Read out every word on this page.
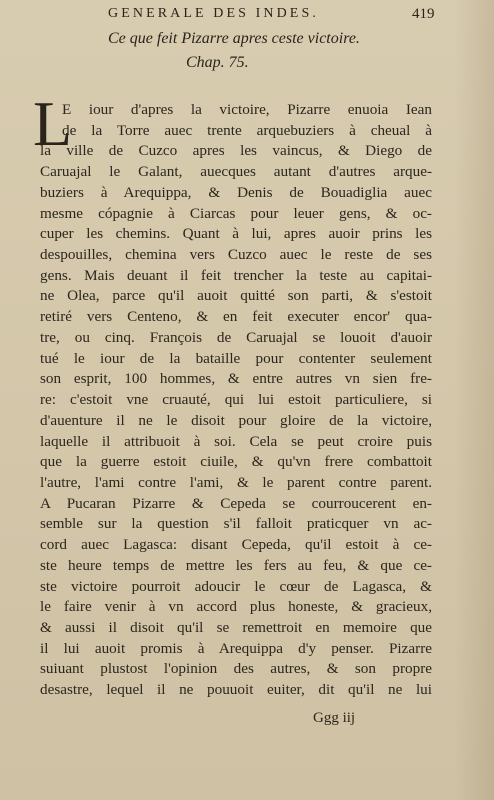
GENERALE DES INDES.	419
Ce que feit Pizarre apres ceste victoire.
Chap. 75.
L
E iour d'apres la victoire, Pizarre enuoia Iean
de la Torre auec trente arquebuziers à cheual à
la ville de Cuzco apres les vaincus, & Diego de
Caruajal le Galant, auecques autant d'autres arque-
buziers à Arequippa, & Denis de Bouadiglia auec
mesme cópagnie à Ciarcas pour leuer gens, & oc-
cuper les chemins. Quant à lui, apres auoir prins les
despouilles, chemina vers Cuzco auec le reste de ses
gens. Mais deuant il feit trencher la teste au capitai-
ne Olea, parce qu'il auoit quitté son parti, & s'estoit
retiré vers Centeno, & en feit executer encor' qua-
tre, ou cinq. François de Caruajal se louoit d'auoir
tué le iour de la bataille pour contenter seulement
son esprit, 100 hommes, & entre autres vn sien fre-
re: c'estoit vne cruauté, qui lui estoit particuliere, si
d'auenture il ne le disoit pour gloire de la victoire,
laquelle il attribuoit à soi. Cela se peut croire puis
que la guerre estoit ciuile, & qu'vn frere combattoit
l'autre, l'ami contre l'ami, & le parent contre parent.
A Pucaran Pizarre & Cepeda se courroucerent en-
semble sur la question s'il falloit praticquer vn ac-
cord auec Lagasca: disant Cepeda, qu'il estoit à ce-
ste heure temps de mettre les fers au feu, & que ce-
ste victoire pourroit adoucir le cœur de Lagasca, &
le faire venir à vn accord plus honeste, & gracieux,
& aussi il disoit qu'il se remettroit en memoire que
il lui auoit promis à Arequippa d'y penser. Pizarre
suiuant plustost l'opinion des autres, & son propre
desastre, lequel il ne pouuoit euiter, dit qu'il ne lui
Ggg iij
